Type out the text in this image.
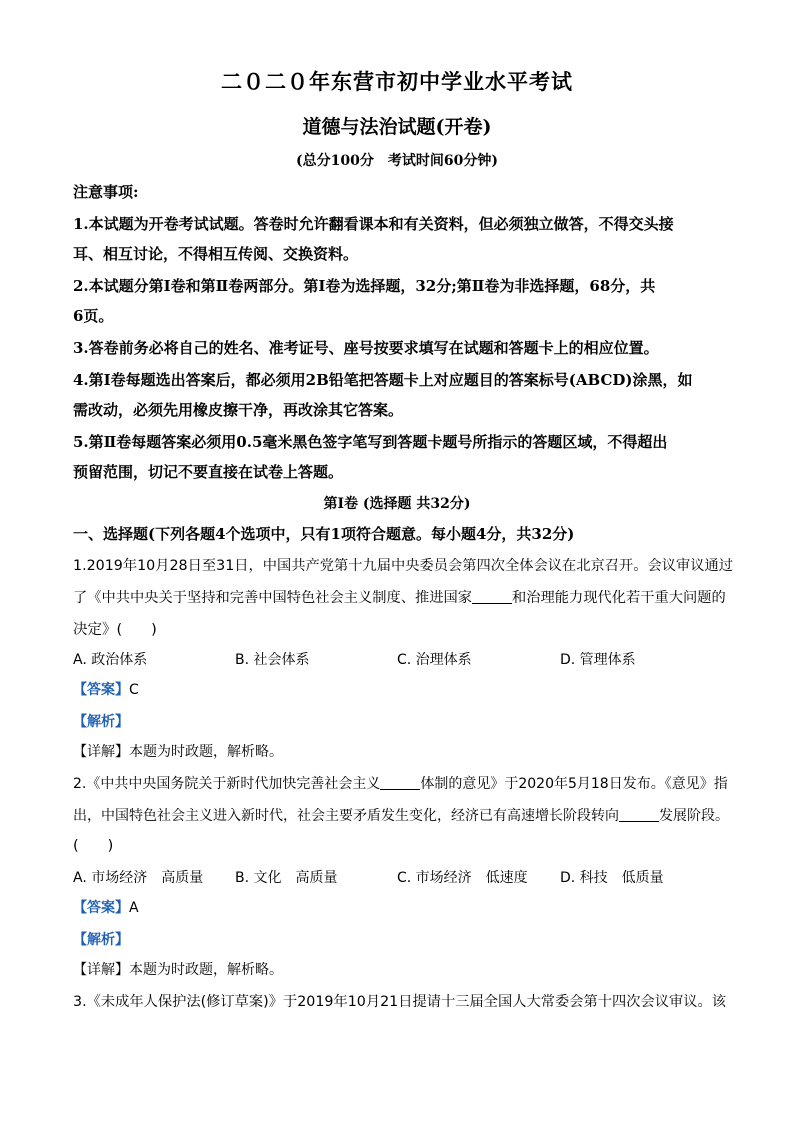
二０二０年东营市初中学业水平考试
道德与法治试题(开卷)
(总分100分　考试时间60分钟)
注意事项:
1.本试题为开卷考试试题。答卷时允许翻看课本和有关资料，但必须独立做答，不得交头接
耳、相互讨论，不得相互传阅、交换资料。
2.本试题分第Ⅰ卷和第Ⅱ卷两部分。第Ⅰ卷为选择题，32分;第Ⅱ卷为非选择题，68分，共
6页。
3.答卷前务必将自己的姓名、准考证号、座号按要求填写在试题和答题卡上的相应位置。
4.第Ⅰ卷每题选出答案后，都必须用2B铅笔把答题卡上对应题目的答案标号(ABCD)涂黑，如
需改动，必须先用橡皮擦干净，再改涂其它答案。
5.第Ⅱ卷每题答案必须用0.5毫米黑色签字笔写到答题卡题号所指示的答题区域，不得超出
预留范围，切记不要直接在试卷上答题。
第Ⅰ卷 (选择题 共32分)
一、选择题(下列各题4个选项中，只有1项符合题意。每小题4分，共32分)
1.2019年10月28日至31日，中国共产党第十九届中央委员会第四次全体会议在北京召开。会议审议通过
了《中共中央关于坚持和完善中国特色社会主义制度、推进国家	和治理能力现代化若干重大问题的
决定》(　　)
A. 政治体系	B. 社会体系	C. 治理体系	D. 管理体系
【答案】C
【解析】
【详解】本题为时政题，解析略。
2.《中共中央国务院关于新时代加快完善社会主义	体制的意见》于2020年5月18日发布。《意见》指
出，中国特色社会主义进入新时代，社会主要矛盾发生变化，经济已有高速增长阶段转向	发展阶段。
(　　)
A. 市场经济　高质量 B. 文化　高质量	C. 市场经济　低速度 D. 科技　低质量
【答案】A
【解析】
【详解】本题为时政题，解析略。
3.《未成年人保护法(修订草案)》于2019年10月21日提请十三届全国人大常委会第十四次会议审议。该
